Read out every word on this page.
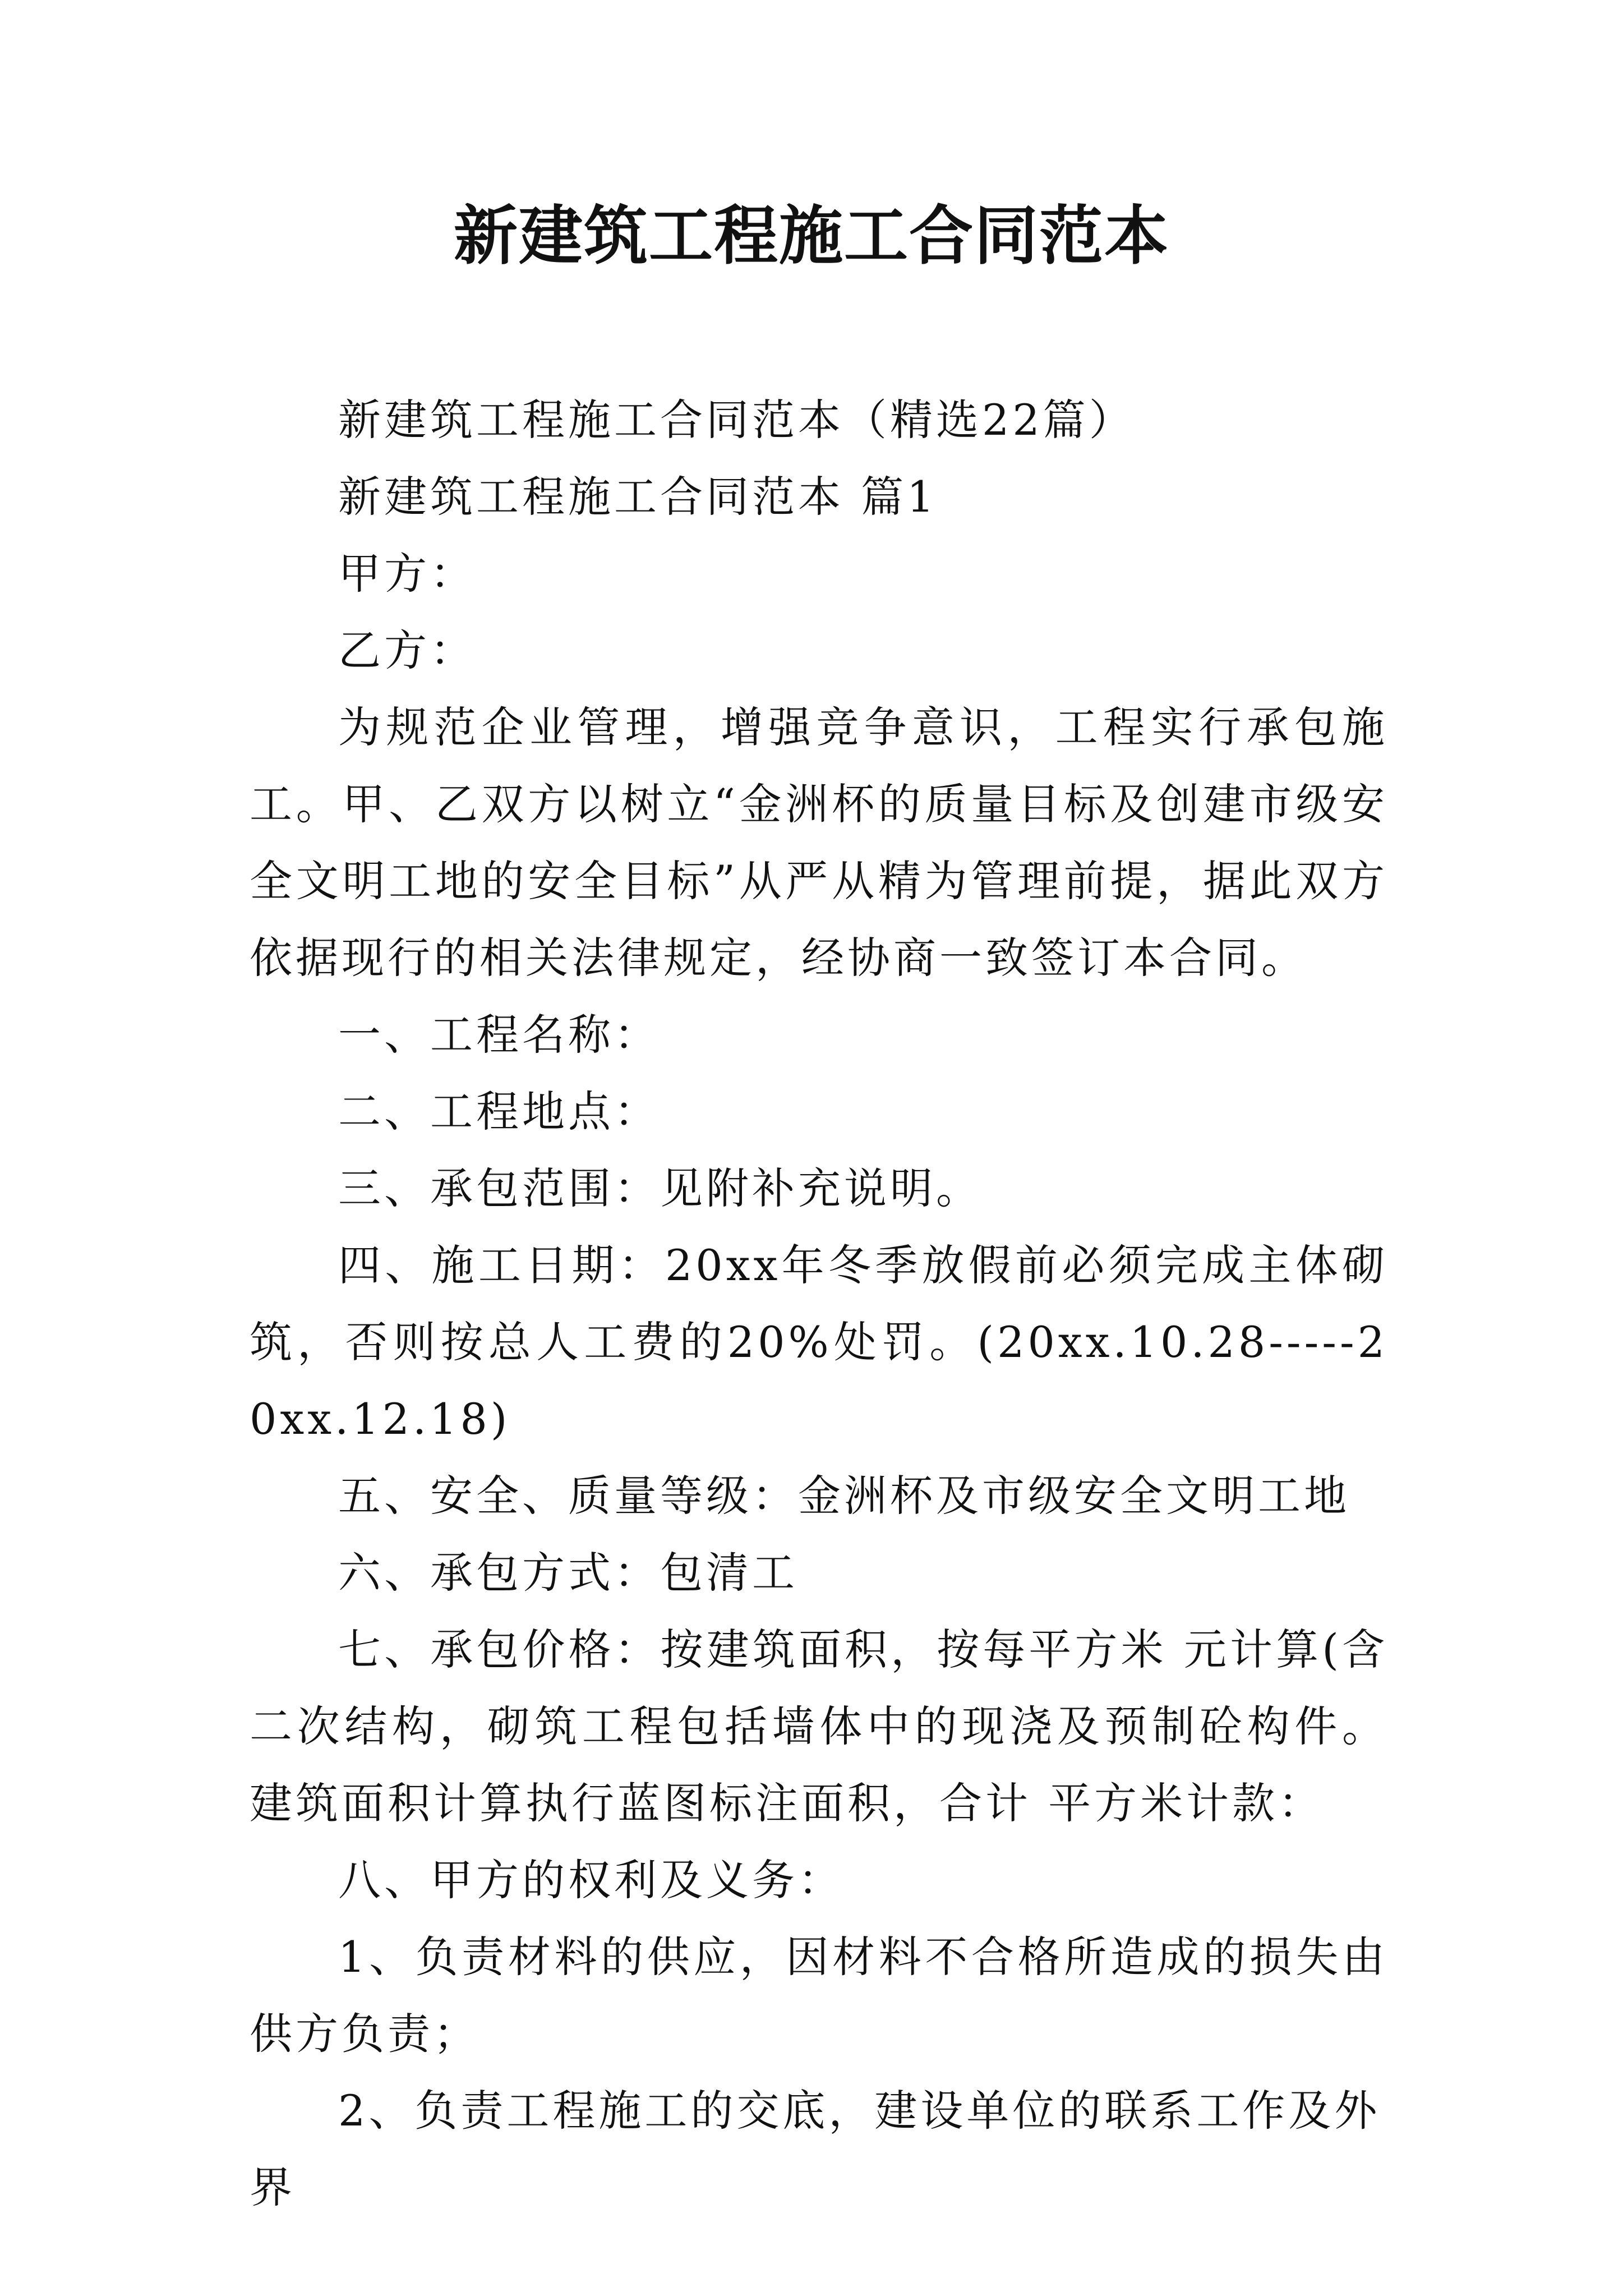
新建筑工程施工合同范本

新建筑工程施工合同范本（精选22篇）

新建筑工程施工合同范本 篇1

甲方：

乙方：

为规范企业管理，增强竞争意识，工程实行承包施工。甲、乙双方以树立“金洲杯的质量目标及创建市级安全文明工地的安全目标”从严从精为管理前提，据此双方依据现行的相关法律规定，经协商一致签订本合同。

一、工程名称：

二、工程地点：

三、承包范围：见附补充说明。

四、施工日期：20xx年冬季放假前必须完成主体砌筑，否则按总人工费的20%处罚。(20xx.10.28-----20xx.12.18)

五、安全、质量等级：金洲杯及市级安全文明工地

六、承包方式：包清工

七、承包价格：按建筑面积，按每平方米 元计算(含二次结构，砌筑工程包括墙体中的现浇及预制砼构件。建筑面积计算执行蓝图标注面积，合计 平方米计款：

八、甲方的权利及义务：

1、负责材料的供应，因材料不合格所造成的损失由供方负责；

2、负责工程施工的交底，建设单位的联系工作及外界
